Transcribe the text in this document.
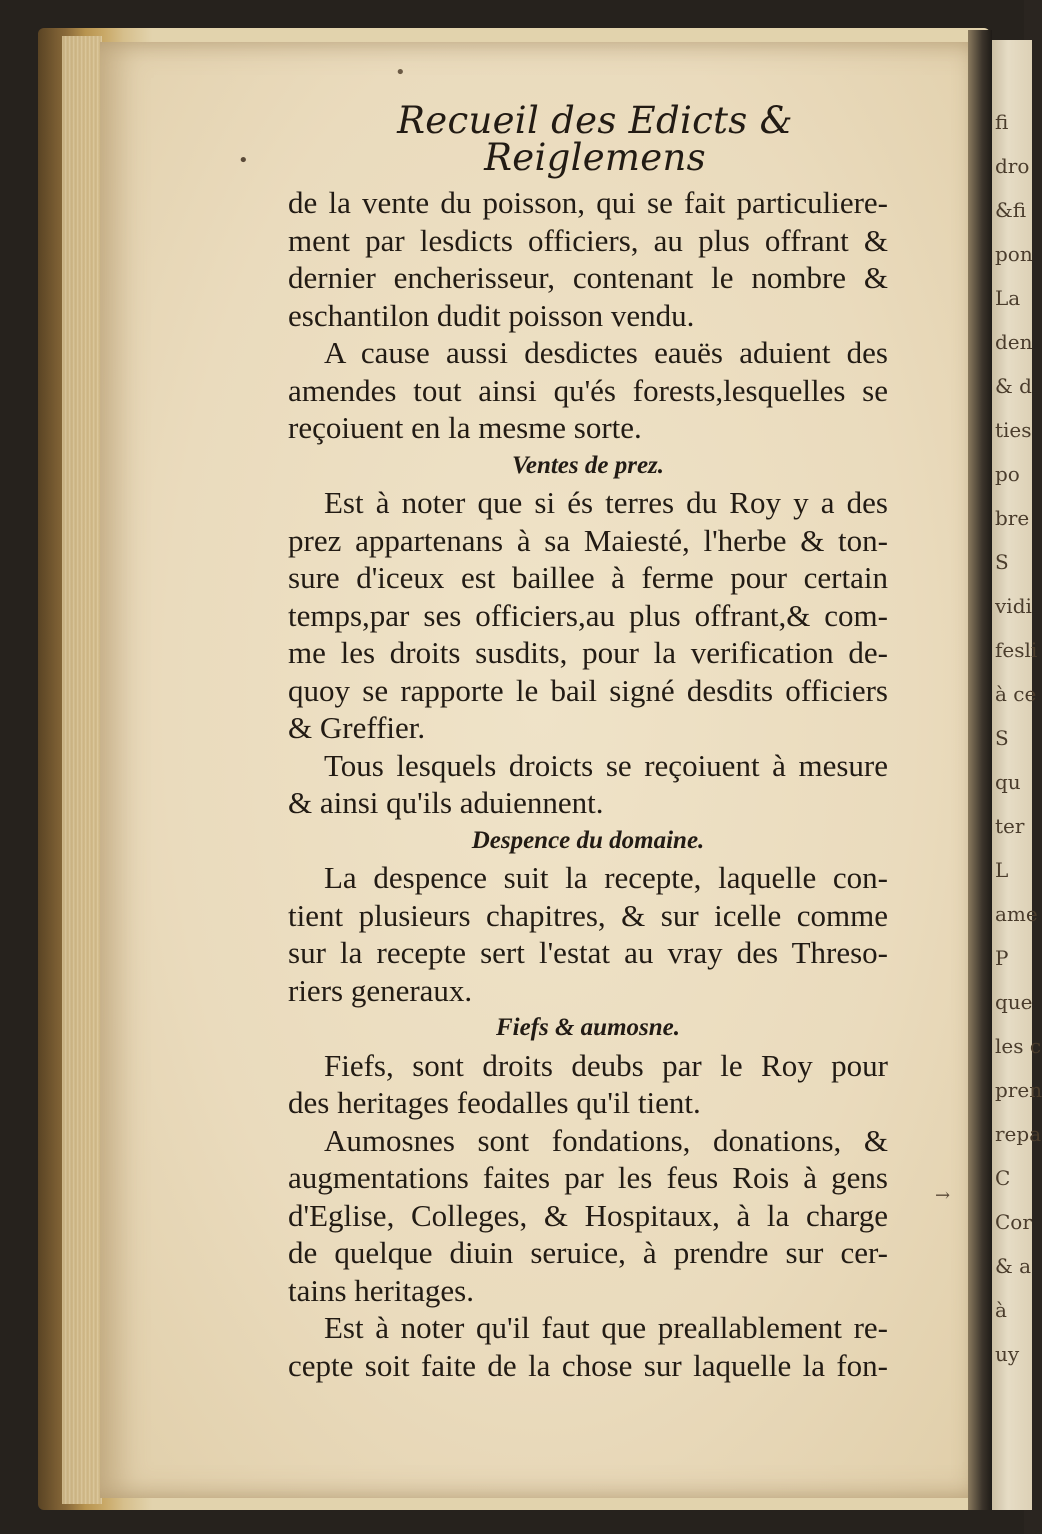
fi
dro
&fi
pon
La
den
& d
ties
po
bre
S
vidi
fesli
à ce
S
qu
ter
L
ame
P
que
les c
pren
repa
C
Cor
& a
à
uy
•
•
→
Recueil des Edicts & Reiglemens
de la vente du poisson, qui se fait particuliere-
ment par lesdicts officiers, au plus offrant &
dernier encherisseur, contenant le nombre &
eschantilon dudit poisson vendu.
A cause aussi desdictes eauës aduient des
amendes tout ainsi qu'és forests,lesquelles se
reçoiuent en la mesme sorte.
Ventes de prez.
Est à noter que si és terres du Roy y a des
prez appartenans à sa Maiesté, l'herbe & ton-
sure d'iceux est baillee à ferme pour certain
temps,par ses officiers,au plus offrant,& com-
me les droits susdits, pour la verification de-
quoy se rapporte le bail signé desdits officiers
& Greffier.
Tous lesquels droicts se reçoiuent à mesure
& ainsi qu'ils aduiennent.
Despence du domaine.
La despence suit la recepte, laquelle con-
tient plusieurs chapitres, & sur icelle comme
sur la recepte sert l'estat au vray des Threso-
riers generaux.
Fiefs & aumosne.
Fiefs, sont droits deubs par le Roy pour
des heritages feodalles qu'il tient.
Aumosnes sont fondations, donations, &
augmentations faites par les feus Rois à gens
d'Eglise, Colleges, & Hospitaux, à la charge
de quelque diuin seruice, à prendre sur cer-
tains heritages.
Est à noter qu'il faut que preallablement re-
cepte soit faite de la chose sur laquelle la fon-
